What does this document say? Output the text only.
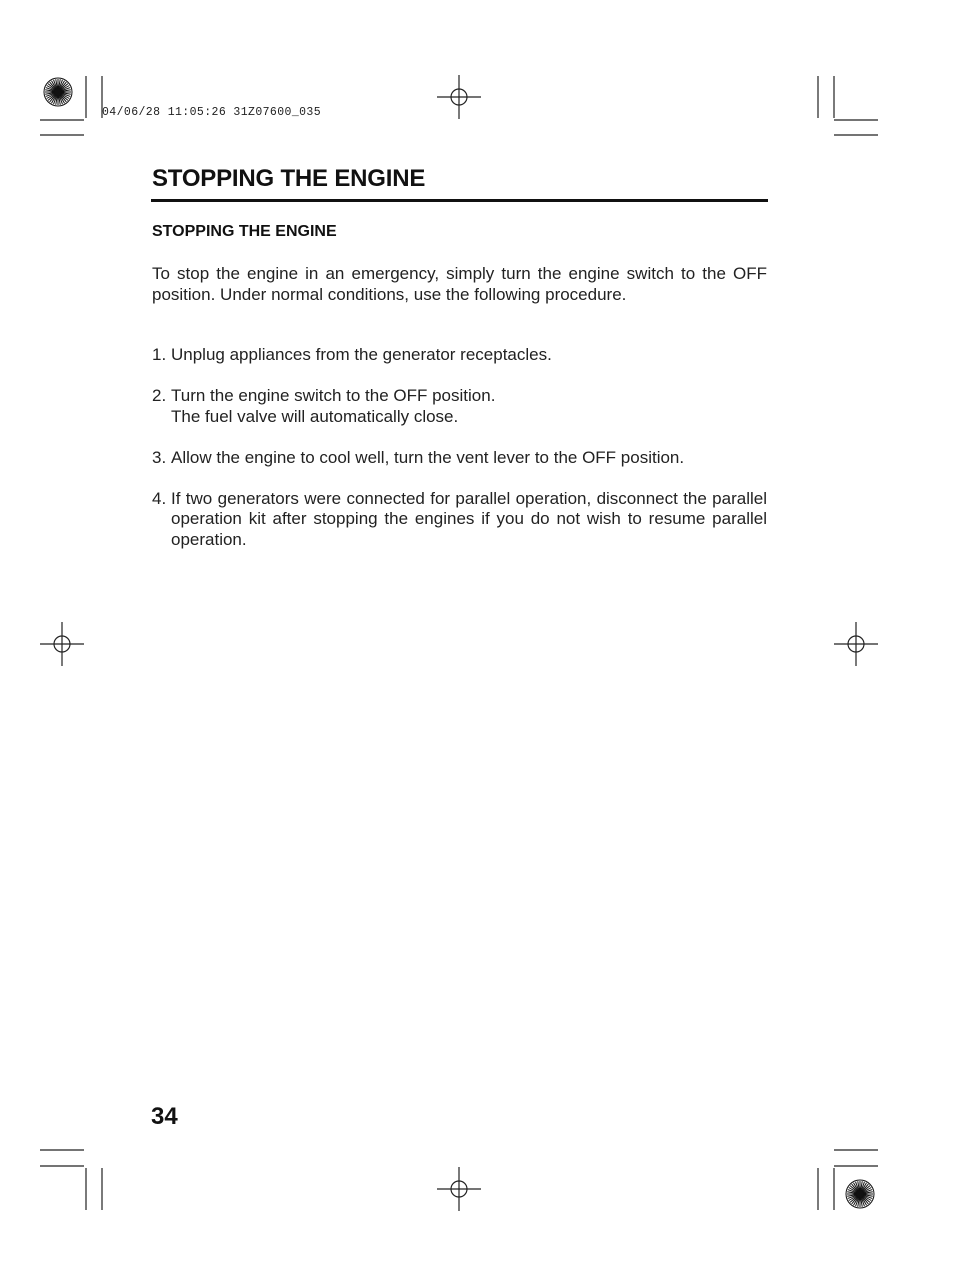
04/06/28 11:05:26 31Z07600_035
STOPPING THE ENGINE
STOPPING THE ENGINE

To stop the engine in an emergency, simply turn the engine switch to the OFF position. Under normal conditions, use the following procedure.

1. Unplug appliances from the generator receptacles.
2. Turn the engine switch to the OFF position.
The fuel valve will automatically close.
3. Allow the engine to cool well, turn the vent lever to the OFF position.
4. If two generators were connected for parallel operation, disconnect the parallel operation kit after stopping the engines if you do not wish to resume parallel operation.
34
